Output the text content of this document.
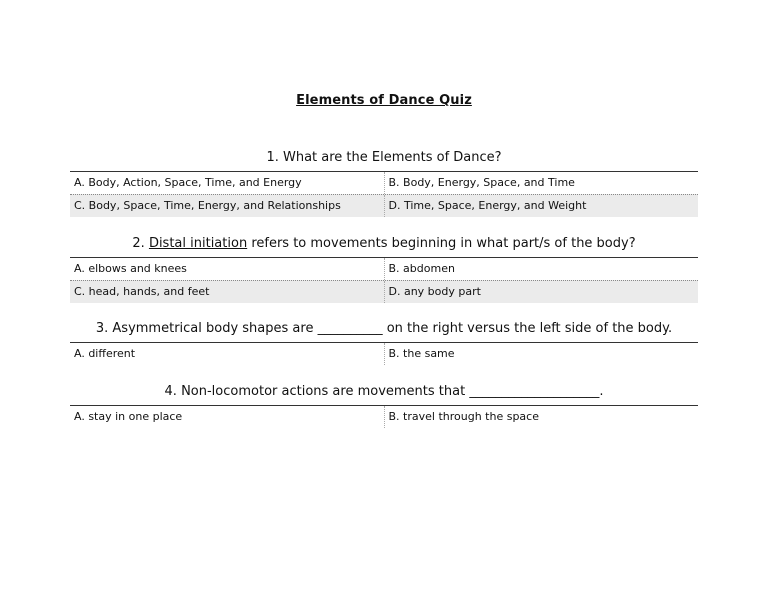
Elements of Dance Quiz
1. What are the Elements of Dance?
A. Body, Action, Space, Time, and Energy	B. Body, Energy, Space, and Time
C. Body, Space, Time, Energy, and Relationships	D. Time, Space, Energy, and Weight
2. Distal initiation refers to movements beginning in what part/s of the body?
A. elbows and knees	B. abdomen
C. head, hands, and feet	D. any body part
3. Asymmetrical body shapes are __________ on the right versus the left side of the body.
A. different	B. the same
4. Non-locomotor actions are movements that ____________________.
A. stay in one place	B. travel through the space
